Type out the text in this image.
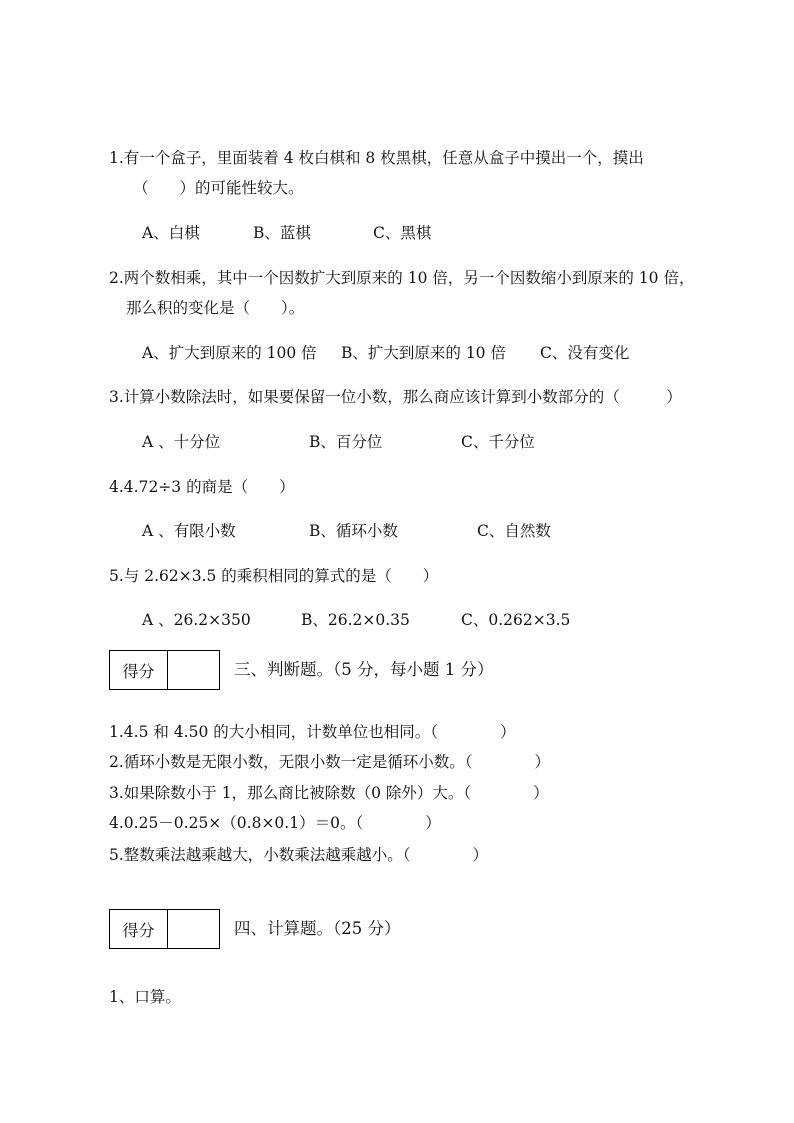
1.有一个盒子，里面装着 4 枚白棋和 8 枚黑棋，任意从盒子中摸出一个，摸出
（　　）的可能性较大。
A、白棋	B、蓝棋	C、黑棋
2.两个数相乘，其中一个因数扩大到原来的 10 倍，另一个因数缩小到原来的 10 倍，
那么积的变化是（　　）。
A、扩大到原来的 100 倍 B、扩大到原来的 10 倍 C、没有变化
3.计算小数除法时，如果要保留一位小数，那么商应该计算到小数部分的（　　　）
A 、十分位	B、百分位	C、千分位
4.4.72÷3 的商是（　　）
A 、有限小数	B、循环小数	C、自然数
5.与 2.62×3.5 的乘积相同的算式的是（　　）
A 、26.2×350	B、26.2×0.35	C、0.262×3.5
得分	三、判断题。（5 分，每小题 1 分）
1.4.5 和 4.50 的大小相同，计数单位也相同。（　　　　）
2.循环小数是无限小数，无限小数一定是循环小数。（　　　　）
3.如果除数小于 1，那么商比被除数（0 除外）大。（　　　　）
4.0.25－0.25×（0.8×0.1）＝0。（　　　　）
5.整数乘法越乘越大，小数乘法越乘越小。（　　　　）
得分	四、计算题。（25 分）
1、口算。
